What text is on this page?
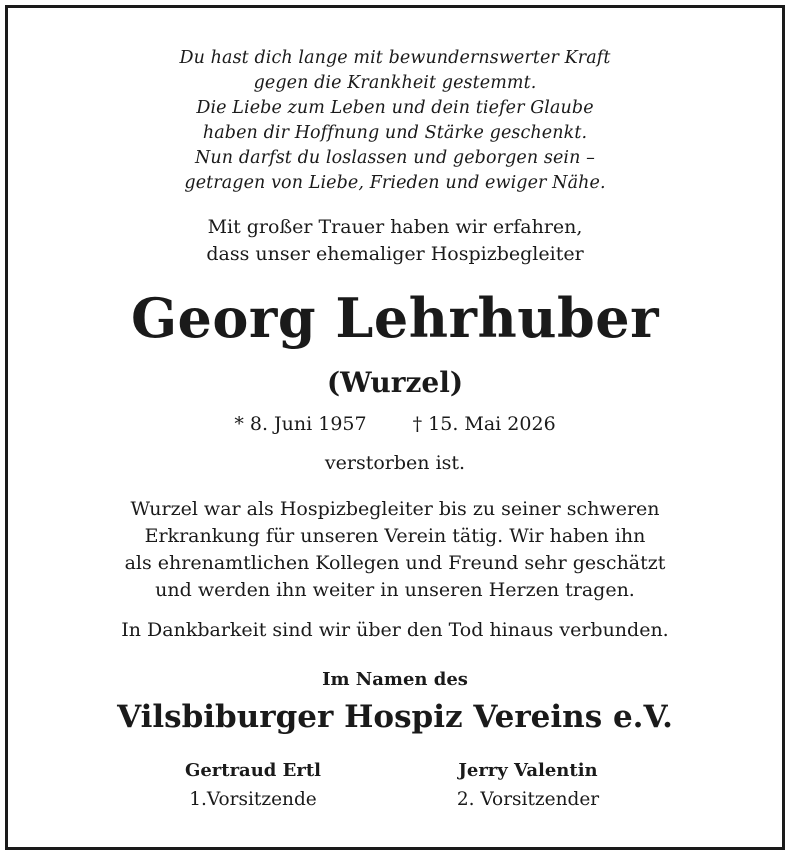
Du hast dich lange mit bewundernswerter Kraft
gegen die Krankheit gestemmt.
Die Liebe zum Leben und dein tiefer Glaube
haben dir Hoffnung und Stärke geschenkt.
Nun darfst du loslassen und geborgen sein –
getragen von Liebe, Frieden und ewiger Nähe.
Mit großer Trauer haben wir erfahren,
dass unser ehemaliger Hospizbegleiter
Georg Lehrhuber
(Wurzel)
* 8. Juni 1957 † 15. Mai 2026
verstorben ist.
Wurzel war als Hospizbegleiter bis zu seiner schweren
Erkrankung für unseren Verein tätig. Wir haben ihn
als ehrenamtlichen Kollegen und Freund sehr geschätzt
und werden ihn weiter in unseren Herzen tragen.
In Dankbarkeit sind wir über den Tod hinaus verbunden.
Im Namen des
Vilsbiburger Hospiz Vereins e.V.
Gertraud Ertl
1.Vorsitzende
Jerry Valentin
2. Vorsitzender
